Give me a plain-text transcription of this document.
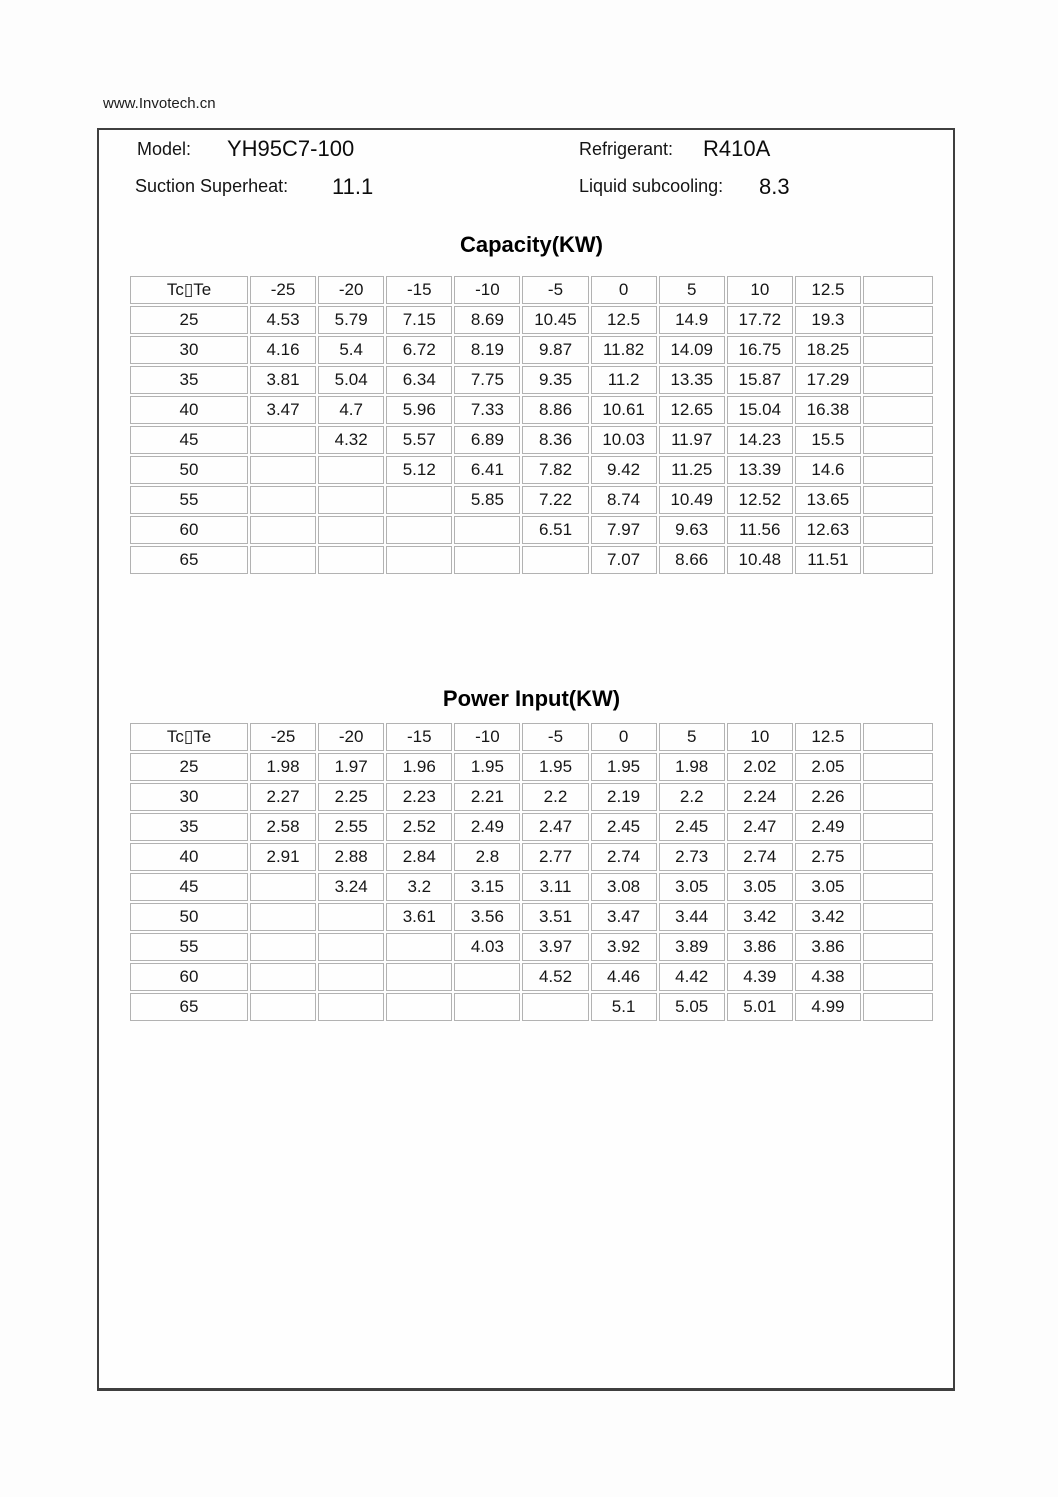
www.Invotech.cn
Model: YH95C7-100	Refrigerant: R410A
Suction Superheat: 11.1	Liquid subcooling: 8.3
Capacity(KW)
Tc▯Te	-25	-20	-15	-10	-5	0	5	10	12.5	
25	4.53	5.79	7.15	8.69	10.45	12.5	14.9	17.72	19.3	
30	4.16	5.4	6.72	8.19	9.87	11.82	14.09	16.75	18.25	
35	3.81	5.04	6.34	7.75	9.35	11.2	13.35	15.87	17.29	
40	3.47	4.7	5.96	7.33	8.86	10.61	12.65	15.04	16.38	
45		4.32	5.57	6.89	8.36	10.03	11.97	14.23	15.5	
50			5.12	6.41	7.82	9.42	11.25	13.39	14.6	
55				5.85	7.22	8.74	10.49	12.52	13.65	
60					6.51	7.97	9.63	11.56	12.63	
65						7.07	8.66	10.48	11.51	
Power Input(KW)
Tc▯Te	-25	-20	-15	-10	-5	0	5	10	12.5	
25	1.98	1.97	1.96	1.95	1.95	1.95	1.98	2.02	2.05	
30	2.27	2.25	2.23	2.21	2.2	2.19	2.2	2.24	2.26	
35	2.58	2.55	2.52	2.49	2.47	2.45	2.45	2.47	2.49	
40	2.91	2.88	2.84	2.8	2.77	2.74	2.73	2.74	2.75	
45		3.24	3.2	3.15	3.11	3.08	3.05	3.05	3.05	
50			3.61	3.56	3.51	3.47	3.44	3.42	3.42	
55				4.03	3.97	3.92	3.89	3.86	3.86	
60					4.52	4.46	4.42	4.39	4.38	
65						5.1	5.05	5.01	4.99	
